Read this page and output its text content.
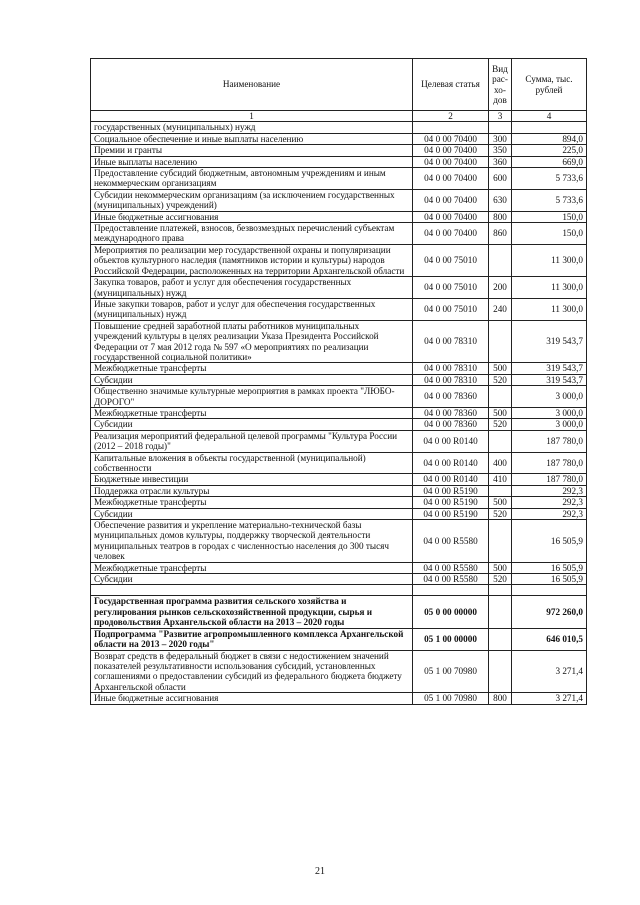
Наименование	Целевая статья	Вид рас-хо-дов	Сумма, тыс. рублей
1	2	3	4
государственных (муниципальных) нужд			
Социальное обеспечение и иные выплаты населению	04 0 00 70400	300	894,0
Премии и гранты	04 0 00 70400	350	225,0
Иные выплаты населению	04 0 00 70400	360	669,0
Предоставление субсидий бюджетным, автономным учреждениям и иным некоммерческим организациям	04 0 00 70400	600	5 733,6
Субсидии некоммерческим организациям (за исключением государственных (муниципальных) учреждений)	04 0 00 70400	630	5 733,6
Иные бюджетные ассигнования	04 0 00 70400	800	150,0
Предоставление платежей, взносов, безвозмездных перечислений субъектам международного права	04 0 00 70400	860	150,0
Мероприятия по реализации мер государственной охраны и популяризации объектов культурного наследия (памятников истории и культуры) народов Российской Федерации, расположенных на территории Архангельской области	04 0 00 75010		11 300,0
Закупка товаров, работ и услуг для обеспечения государственных (муниципальных) нужд	04 0 00 75010	200	11 300,0
Иные закупки товаров, работ и услуг для обеспечения государственных (муниципальных) нужд	04 0 00 75010	240	11 300,0
Повышение средней заработной платы работников муниципальных учреждений культуры в целях реализации Указа Президента Российской Федерации от 7 мая 2012 года № 597 «О мероприятиях по реализации государственной социальной политики»	04 0 00 78310		319 543,7
Межбюджетные трансферты	04 0 00 78310	500	319 543,7
Субсидии	04 0 00 78310	520	319 543,7
Общественно значимые культурные мероприятия в рамках проекта "ЛЮБО-ДОРОГО"	04 0 00 78360		3 000,0
Межбюджетные трансферты	04 0 00 78360	500	3 000,0
Субсидии	04 0 00 78360	520	3 000,0
Реализация мероприятий федеральной целевой программы "Культура России (2012 – 2018 годы)"	04 0 00 R0140		187 780,0
Капитальные вложения в объекты государственной (муниципальной) собственности	04 0 00 R0140	400	187 780,0
Бюджетные инвестиции	04 0 00 R0140	410	187 780,0
Поддержка отрасли культуры	04 0 00 R5190		292,3
Межбюджетные трансферты	04 0 00 R5190	500	292,3
Субсидии	04 0 00 R5190	520	292,3
Обеспечение развития и укрепление материально-технической базы муниципальных домов культуры, поддержку творческой деятельности муниципальных театров в городах с численностью населения до 300 тысяч человек	04 0 00 R5580		16 505,9
Межбюджетные трансферты	04 0 00 R5580	500	16 505,9
Субсидии	04 0 00 R5580	520	16 505,9

Государственная программа развития сельского хозяйства и регулирования рынков сельскохозяйственной продукции, сырья и продовольствия Архангельской области на 2013 – 2020 годы	05 0 00 00000		972 260,0
Подпрограмма "Развитие агропромышленного комплекса Архангельской области на 2013 – 2020 годы"	05 1 00 00000		646 010,5
Возврат средств в федеральный бюджет в связи с недостижением значений показателей результативности использования субсидий, установленных соглашениями о предоставлении субсидий из федерального бюджета бюджету Архангельской области	05 1 00 70980		3 271,4
Иные бюджетные ассигнования	05 1 00 70980	800	3 271,4
21
